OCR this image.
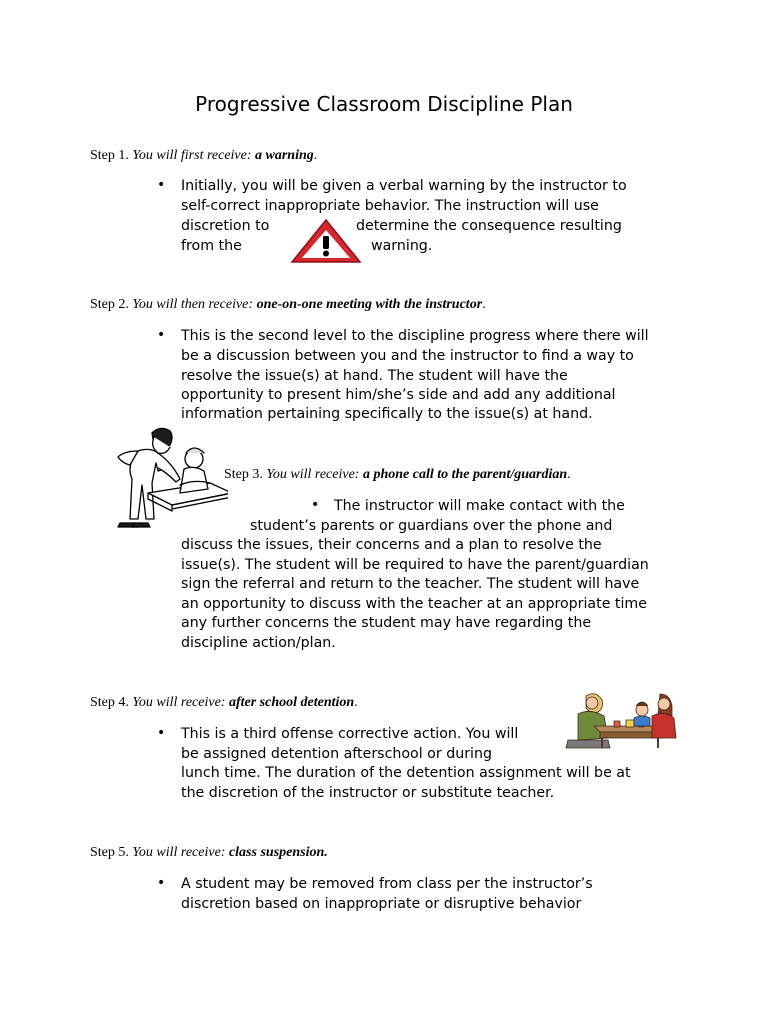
Progressive Classroom Discipline Plan
Step 1. You will first receive: a warning.
• Initially, you will be given a verbal warning by the instructor to
self-correct inappropriate behavior. The instruction will use
discretion to	determine the consequence resulting
from the	warning.
Step 2. You will then receive: one-on-one meeting with the instructor.
• This is the second level to the discipline progress where there will
be a discussion between you and the instructor to find a way to
resolve the issue(s) at hand. The student will have the
opportunity to present him/she’s side and add any additional
information pertaining specifically to the issue(s) at hand.
Step 3. You will receive: a phone call to the parent/guardian.
• The instructor will make contact with the
student’s parents or guardians over the phone and
discuss the issues, their concerns and a plan to resolve the
issue(s). The student will be required to have the parent/guardian
sign the referral and return to the teacher. The student will have
an opportunity to discuss with the teacher at an appropriate time
any further concerns the student may have regarding the
discipline action/plan.
Step 4. You will receive: after school detention.
• This is a third offense corrective action. You will
be assigned detention afterschool or during
lunch time. The duration of the detention assignment will be at
the discretion of the instructor or substitute teacher.
Step 5. You will receive: class suspension.
• A student may be removed from class per the instructor’s
discretion based on inappropriate or disruptive behavior
